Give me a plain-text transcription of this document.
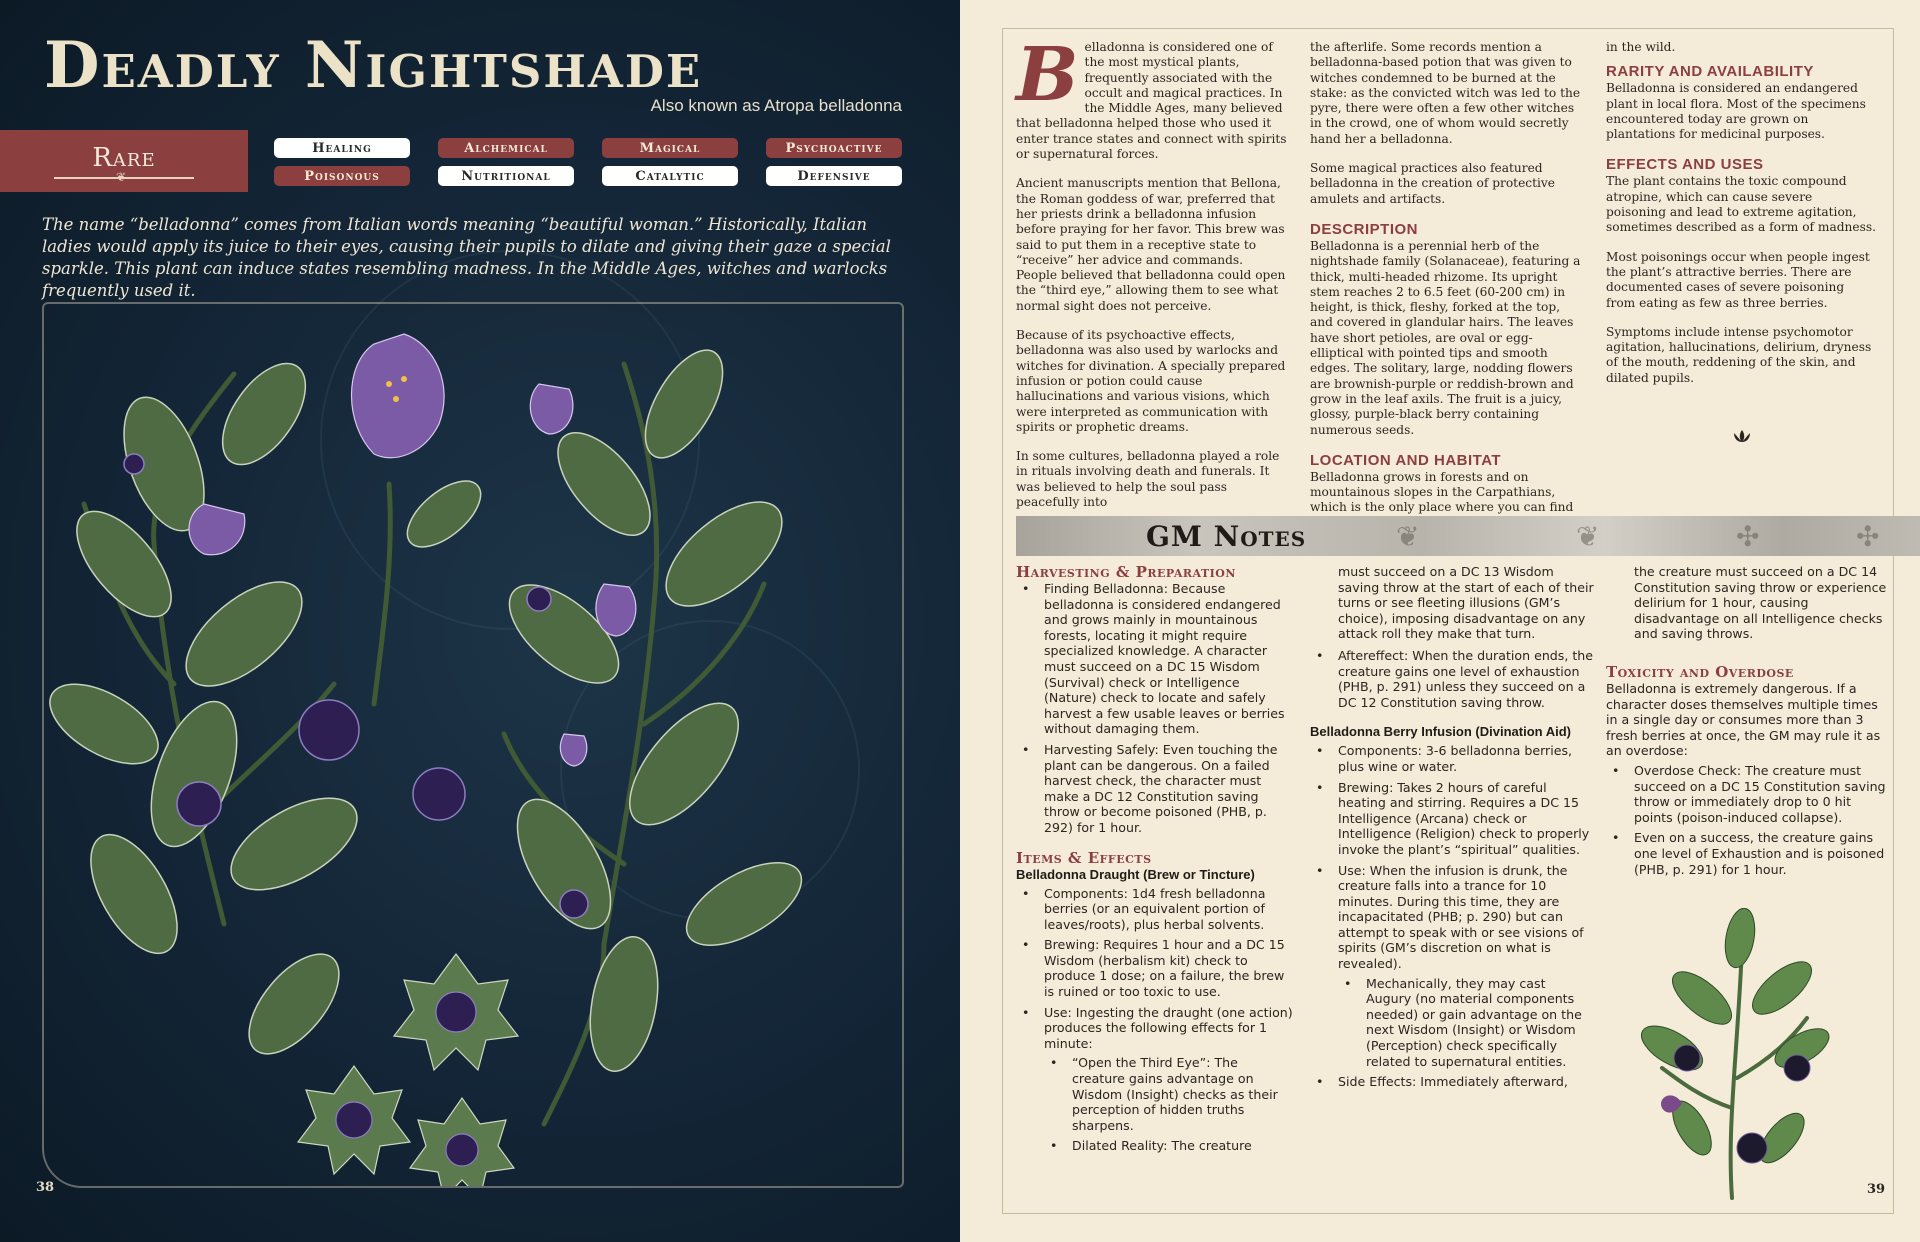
Deadly Nightshade
Also known as Atropa belladonna
Rare
❦	Healing	Alchemical	Magical	Psychoactive
Poisonous	Nutritional	Catalytic	Defensive

The name “belladonna” comes from Italian words meaning “beautiful woman.” Historically, Italian ladies would apply its juice to their eyes, causing their pupils to dilate and giving their gaze a special sparkle. This plant can induce states resembling madness. In the Middle Ages, witches and warlocks frequently used it.

38

Belladonna is considered one of the most mystical plants, frequently associated with the occult and magical practices. In the Middle Ages, many believed that belladonna helped those who used it enter trance states and connect with spirits or supernatural forces.

Ancient manuscripts mention that Bellona, the Roman goddess of war, preferred that her priests drink a belladonna infusion before praying for her favor. This brew was said to put them in a receptive state to “receive” her advice and commands. People believed that belladonna could open the “third eye,” allowing them to see what normal sight does not perceive.

Because of its psychoactive effects, belladonna was also used by warlocks and witches for divination. A specially prepared infusion or potion could cause hallucinations and various visions, which were interpreted as communication with spirits or prophetic dreams.

In some cultures, belladonna played a role in rituals involving death and funerals. It was believed to help the soul pass peacefully into

the afterlife. Some records mention a belladonna-based potion that was given to witches condemned to be burned at the stake: as the convicted witch was led to the pyre, there were often a few other witches in the crowd, one of whom would secretly hand her a belladonna.

Some magical practices also featured belladonna in the creation of protective amulets and artifacts.

DESCRIPTION

Belladonna is a perennial herb of the nightshade family (Solanaceae), featuring a thick, multi-headed rhizome. Its upright stem reaches 2 to 6.5 feet (60-200 cm) in height, is thick, fleshy, forked at the top, and covered in glandular hairs. The leaves have short petioles, are oval or egg-elliptical with pointed tips and smooth edges. The solitary, large, nodding flowers are brownish-purple or reddish-brown and grow in the leaf axils. The fruit is a juicy, glossy, purple-black berry containing numerous seeds.

LOCATION AND HABITAT

Belladonna grows in forests and on mountainous slopes in the Carpathians, which is the only place where you can find

in the wild.

RARITY AND AVAILABILITY

Belladonna is considered an endangered plant in local flora. Most of the specimens encountered today are grown on plantations for medicinal purposes.

EFFECTS AND USES

The plant contains the toxic compound atropine, which can cause severe poisoning and lead to extreme agitation, sometimes described as a form of madness.

Most poisonings occur when people ingest the plant’s attractive berries. There are documented cases of severe poisoning from eating as few as three berries.

Symptoms include intense psychomotor agitation, hallucinations, delirium, dryness of the mouth, reddening of the skin, and dilated pupils.

❦	❦	✣	✣
GM Notes
Harvesting & Preparation
• Finding Belladonna: Because belladonna is considered endangered and grows mainly in mountainous forests, locating it might require specialized knowledge. A character must succeed on a DC 15 Wisdom (Survival) check or Intelligence (Nature) check to locate and safely harvest a few usable leaves or berries without damaging them.
• Harvesting Safely: Even touching the plant can be dangerous. On a failed harvest check, the character must make a DC 12 Constitution saving throw or become poisoned (PHB, p. 292) for 1 hour.
Items & Effects
Belladonna Draught (Brew or Tincture)
• Components: 1d4 fresh belladonna berries (or an equivalent portion of leaves/roots), plus herbal solvents.
• Brewing: Requires 1 hour and a DC 15 Wisdom (herbalism kit) check to produce 1 dose; on a failure, the brew is ruined or too toxic to use.
• Use: Ingesting the draught (one action) produces the following effects for 1 minute:
• “Open the Third Eye”: The creature gains advantage on Wisdom (Insight) checks as their perception of hidden truths sharpens.
• Dilated Reality: The creature

must succeed on a DC 13 Wisdom saving throw at the start of each of their turns or see fleeting illusions (GM’s choice), imposing disadvantage on any attack roll they make that turn.

• Aftereffect: When the duration ends, the creature gains one level of exhaustion (PHB, p. 291) unless they succeed on a DC 12 Constitution saving throw.
Belladonna Berry Infusion (Divination Aid)
• Components: 3-6 belladonna berries, plus wine or water.
• Brewing: Takes 2 hours of careful heating and stirring. Requires a DC 15 Intelligence (Arcana) check or Intelligence (Religion) check to properly invoke the plant’s “spiritual” qualities.
• Use: When the infusion is drunk, the creature falls into a trance for 10 minutes. During this time, they are incapacitated (PHB; p. 290) but can attempt to speak with or see visions of spirits (GM’s discretion on what is revealed).
• Mechanically, they may cast Augury (no material components needed) or gain advantage on the next Wisdom (Insight) or Wisdom (Perception) check specifically related to supernatural entities.
• Side Effects: Immediately afterward,

the creature must succeed on a DC 14 Constitution saving throw or experience delirium for 1 hour, causing disadvantage on all Intelligence checks and saving throws.

Toxicity and Overdose

Belladonna is extremely dangerous. If a character doses themselves multiple times in a single day or consumes more than 3 fresh berries at once, the GM may rule it as an overdose:

• Overdose Check: The creature must succeed on a DC 15 Constitution saving throw or immediately drop to 0 hit points (poison-induced collapse).
• Even on a success, the creature gains one level of Exhaustion and is poisoned (PHB, p. 291) for 1 hour.
39
